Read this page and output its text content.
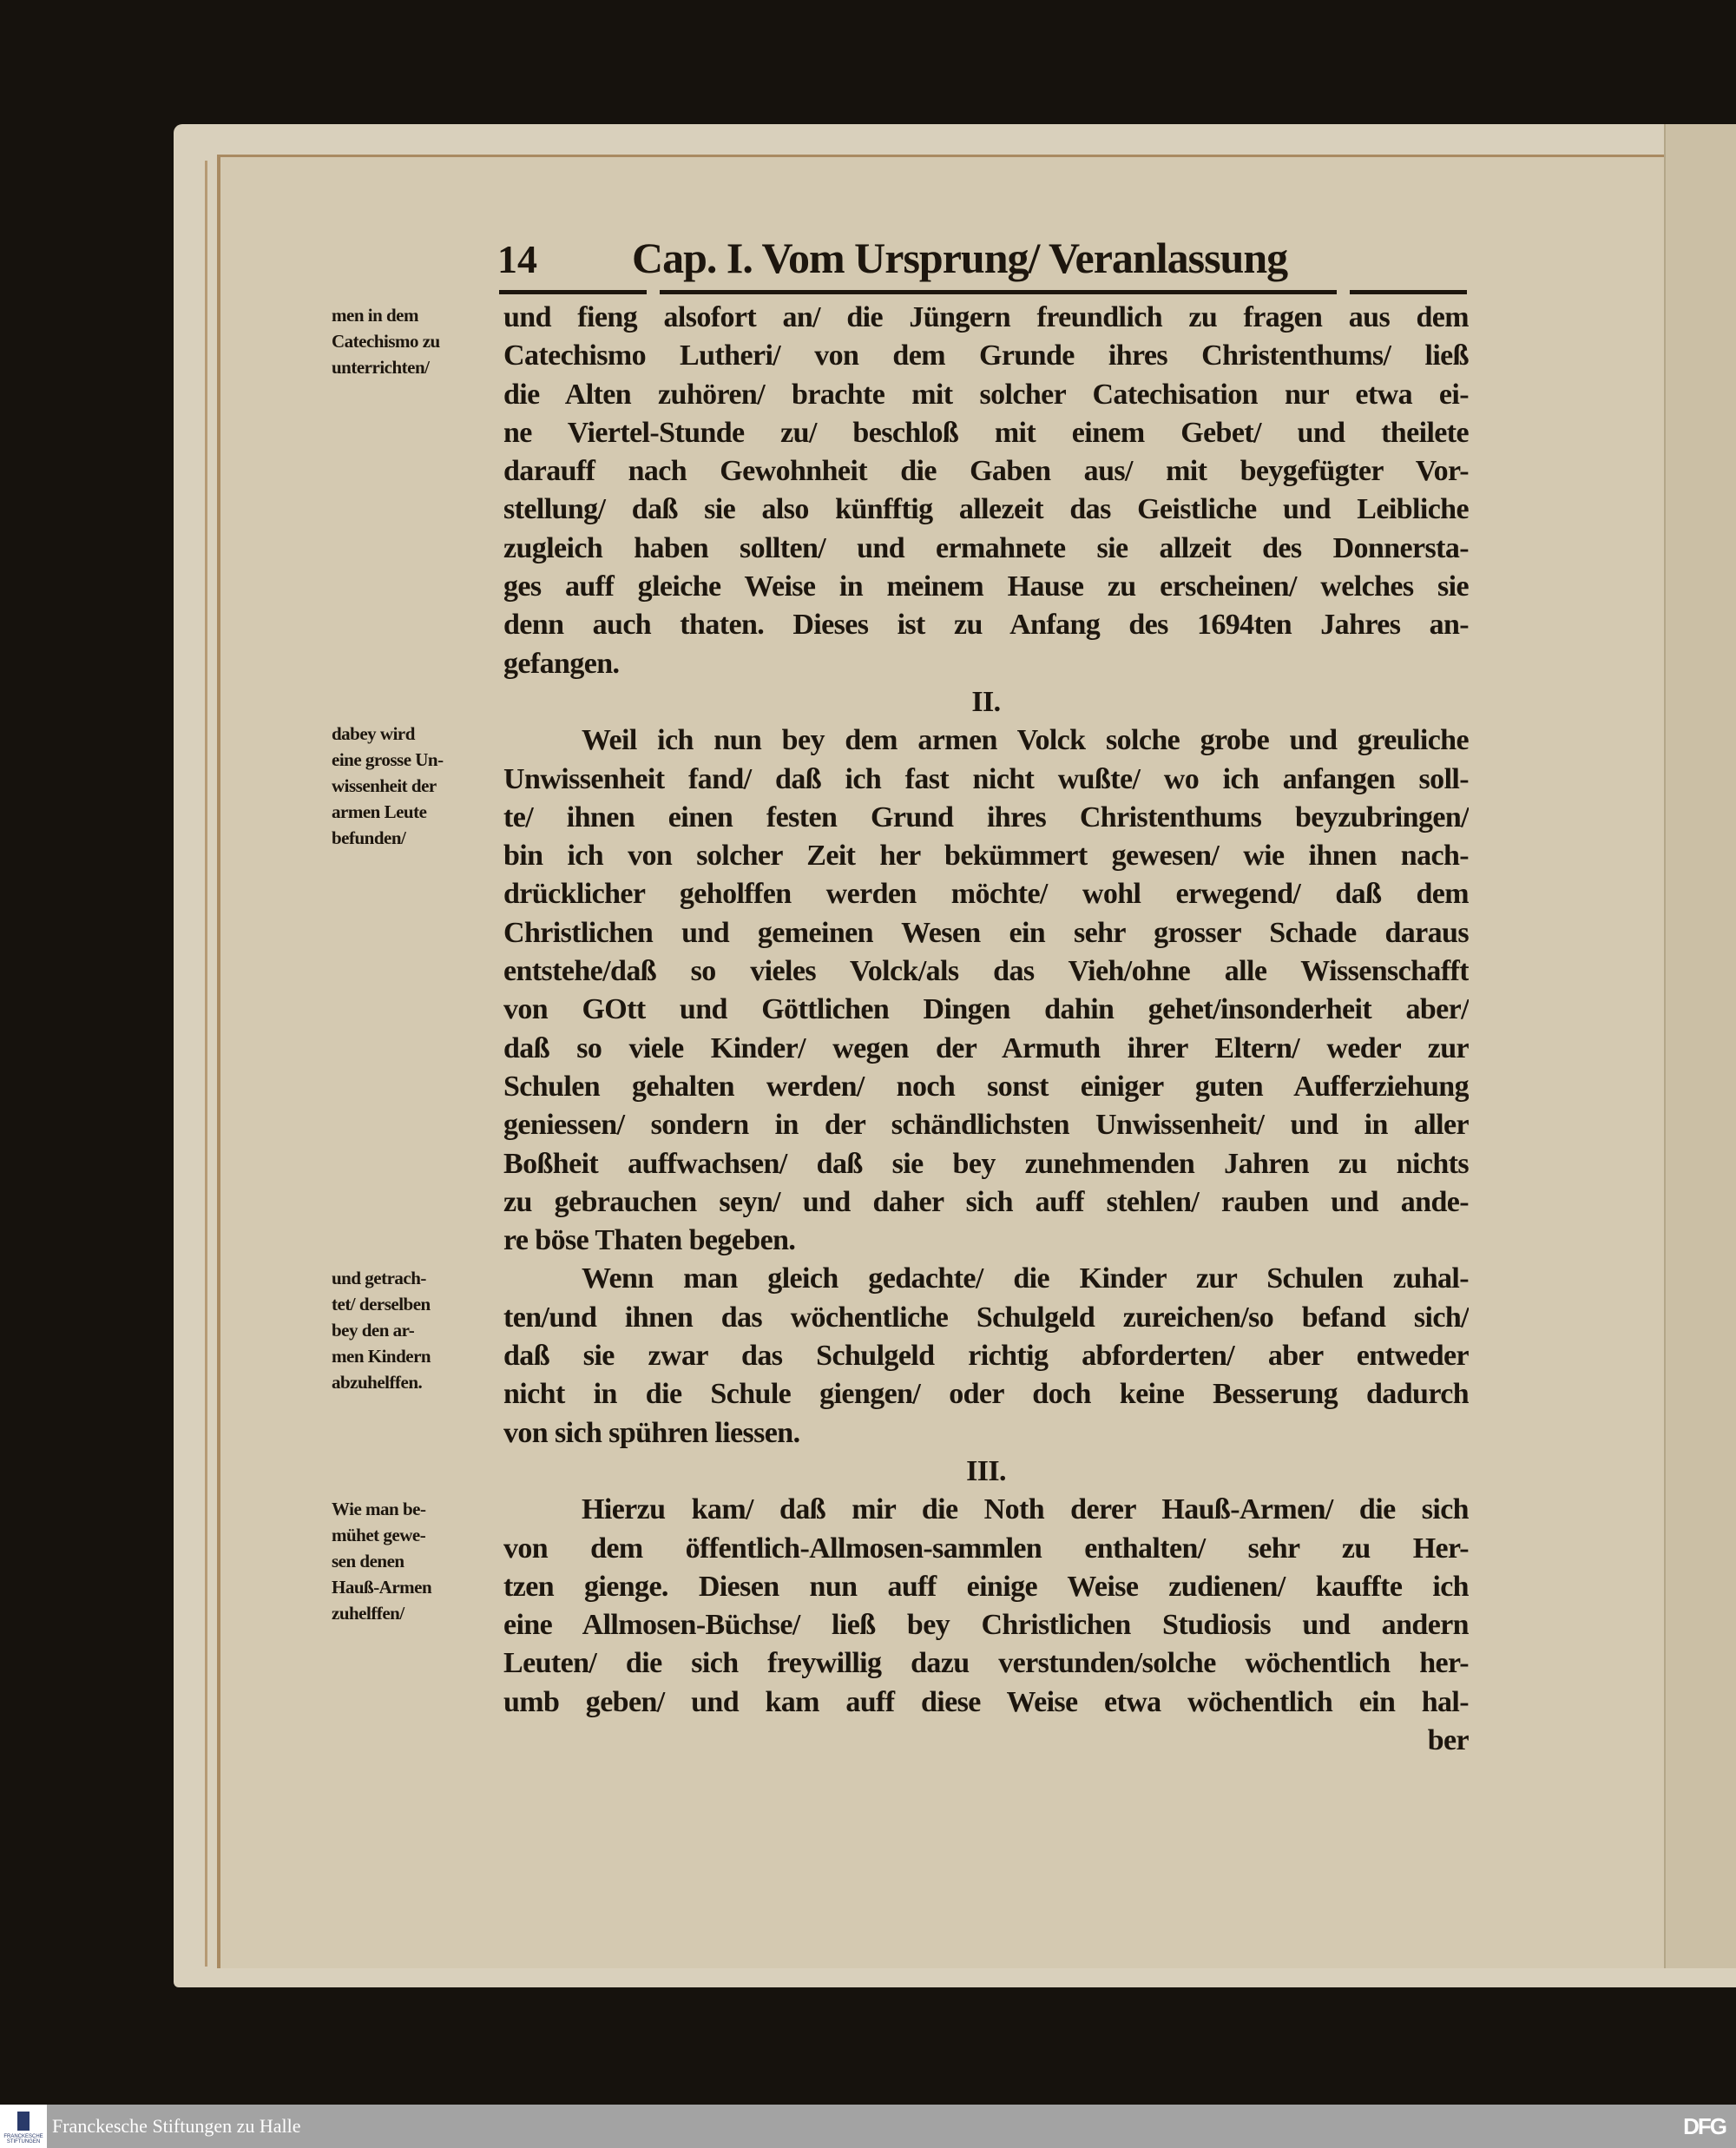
14 Cap. I. Vom Ursprung/ Veranlassung
und fieng alsofort an/ die Jüngern freundlich zu fragen aus dem
Catechismo Lutheri/ von dem Grunde ihres Christenthums/ ließ
die Alten zuhören/ brachte mit solcher Catechisation nur etwa ei-
ne Viertel-Stunde zu/ beschloß mit einem Gebet/ und theilete
darauff nach Gewohnheit die Gaben aus/ mit beygefügter Vor-
stellung/ daß sie also künfftig allezeit das Geistliche und Leibliche
zugleich haben sollten/ und ermahnete sie allzeit des Donnersta-
ges auff gleiche Weise in meinem Hause zu erscheinen/ welches sie
denn auch thaten. Dieses ist zu Anfang des 1694ten Jahres an-
gefangen.
II.
Weil ich nun bey dem armen Volck solche grobe und greuliche
Unwissenheit fand/ daß ich fast nicht wußte/ wo ich anfangen soll-
te/ ihnen einen festen Grund ihres Christenthums beyzubringen/
bin ich von solcher Zeit her bekümmert gewesen/ wie ihnen nach-
drücklicher geholffen werden möchte/ wohl erwegend/ daß dem
Christlichen und gemeinen Wesen ein sehr grosser Schade daraus
entstehe/daß so vieles Volck/als das Vieh/ohne alle Wissenschafft
von GOtt und Göttlichen Dingen dahin gehet/insonderheit aber/
daß so viele Kinder/ wegen der Armuth ihrer Eltern/ weder zur
Schulen gehalten werden/ noch sonst einiger guten Aufferziehung
geniessen/ sondern in der schändlichsten Unwissenheit/ und in aller
Boßheit auffwachsen/ daß sie bey zunehmenden Jahren zu nichts
zu gebrauchen seyn/ und daher sich auff stehlen/ rauben und ande-
re böse Thaten begeben.
Wenn man gleich gedachte/ die Kinder zur Schulen zuhal-
ten/und ihnen das wöchentliche Schulgeld zureichen/so befand sich/
daß sie zwar das Schulgeld richtig abforderten/ aber entweder
nicht in die Schule giengen/ oder doch keine Besserung dadurch
von sich spühren liessen.
III.
Hierzu kam/ daß mir die Noth derer Hauß-Armen/ die sich
von dem öffentlich-Allmosen-sammlen enthalten/ sehr zu Her-
tzen gienge. Diesen nun auff einige Weise zudienen/ kauffte ich
eine Allmosen-Büchse/ ließ bey Christlichen Studiosis und andern
Leuten/ die sich freywillig dazu verstunden/solche wöchentlich her-
umb geben/ und kam auff diese Weise etwa wöchentlich ein hal-
ber
men in dem
Catechismo zu
unterrichten/
dabey wird
eine grosse Un-
wissenheit der
armen Leute
befunden/
und getrach-
tet/ derselben
bey den ar-
men Kindern
abzuhelffen.
Wie man be-
mühet gewe-
sen denen
Hauß-Armen
zuhelffen/
FRANCKESCHE STIFTUNGEN
Franckesche Stiftungen zu Halle	DFG
